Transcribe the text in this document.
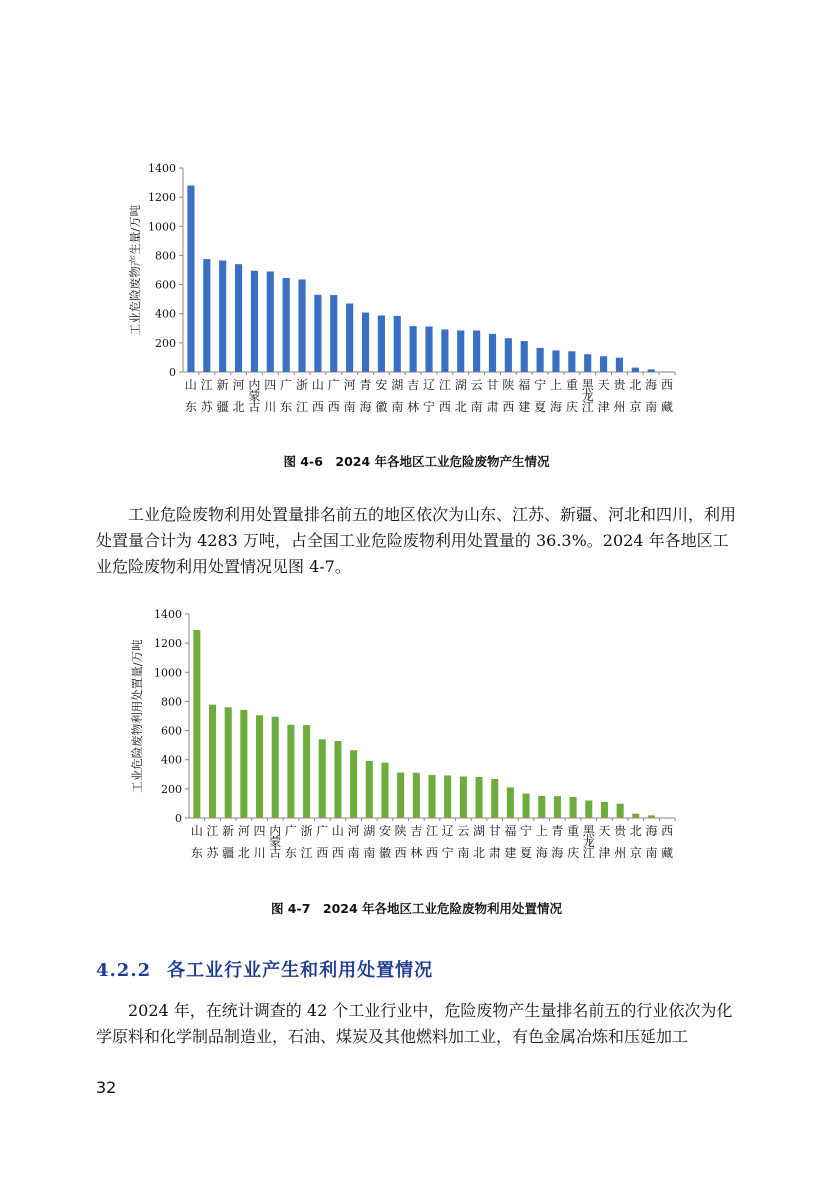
0
200
400
600
800
1000
1200
1400
工业危险废物产生量/万吨
山东
江苏
新疆
河北
内蒙古
四川
广东
浙江
山西
广西
河南
青海
安徽
湖南
吉林
辽宁
江西
湖北
云南
甘肃
陕西
福建
宁夏
上海
重庆
黑龙江
天津
贵州
北京
海南
西藏
0
200
400
600
800
1000
1200
1400
工业危险废物利用处置量/万吨
山东
江苏
新疆
河北
四川
内蒙古
广东
浙江
广西
山西
河南
湖南
安徽
陕西
吉林
江西
辽宁
云南
湖北
甘肃
福建
宁夏
上海
青海
重庆
黑龙江
天津
贵州
北京
海南
西藏
图 4-6　2024 年各地区工业危险废物产生情况

工业危险废物利用处置量排名前五的地区依次为山东、江苏、新疆、河北和四川，利用处置量合计为 4283 万吨，占全国工业危险废物利用处置量的 36.3%。2024 年各地区工业危险废物利用处置情况见图 4-7。

图 4-7　2024 年各地区工业危险废物利用处置情况
4.2.2 各工业行业产生和利用处置情况

2024 年，在统计调查的 42 个工业行业中，危险废物产生量排名前五的行业依次为化学原料和化学制品制造业，石油、煤炭及其他燃料加工业，有色金属冶炼和压延加工

32
